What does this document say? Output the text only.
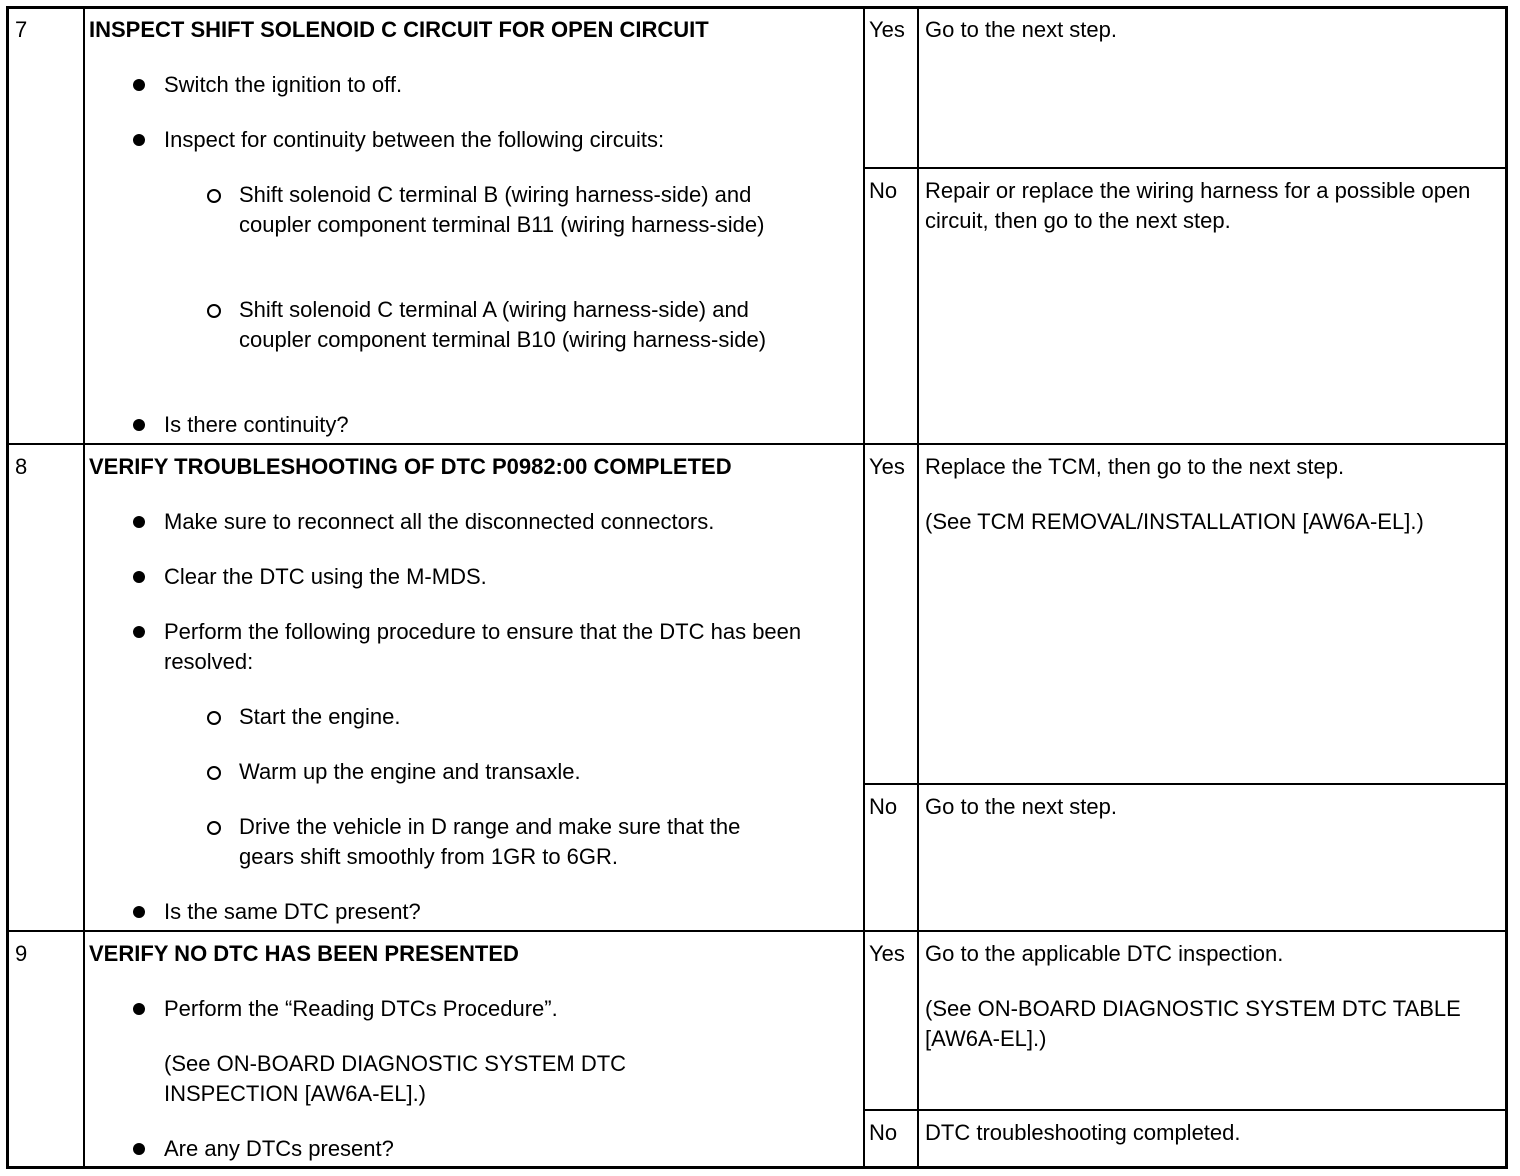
7	INSPECT SHIFT SOLENOID C CIRCUIT FOR OPEN CIRCUIT
Switch the ignition to off.
Inspect for continuity between the following circuits:
Shift solenoid C terminal B (wiring harness-side) and coupler component terminal B11 (wiring harness-side)
Shift solenoid C terminal A (wiring harness-side) and coupler component terminal B10 (wiring harness-side)
Is there continuity?
Yes Go to the next step.
No Repair or replace the wiring harness for a possible open circuit, then go to the next step.
8	VERIFY TROUBLESHOOTING OF DTC P0982:00 COMPLETED
Make sure to reconnect all the disconnected connectors.
Clear the DTC using the M-MDS.
Perform the following procedure to ensure that the DTC has been resolved:
Start the engine.
Warm up the engine and transaxle.
Drive the vehicle in D range and make sure that the gears shift smoothly from 1GR to 6GR.
Is the same DTC present?
Yes Replace the TCM, then go to the next step.
(See TCM REMOVAL/INSTALLATION [AW6A-EL].)
No Go to the next step.
9	VERIFY NO DTC HAS BEEN PRESENTED
Perform the “Reading DTCs Procedure”.
(See ON-BOARD DIAGNOSTIC SYSTEM DTC INSPECTION [AW6A-EL].)
Are any DTCs present?
Yes Go to the applicable DTC inspection.
(See ON-BOARD DIAGNOSTIC SYSTEM DTC TABLE [AW6A-EL].)
No DTC troubleshooting completed.
